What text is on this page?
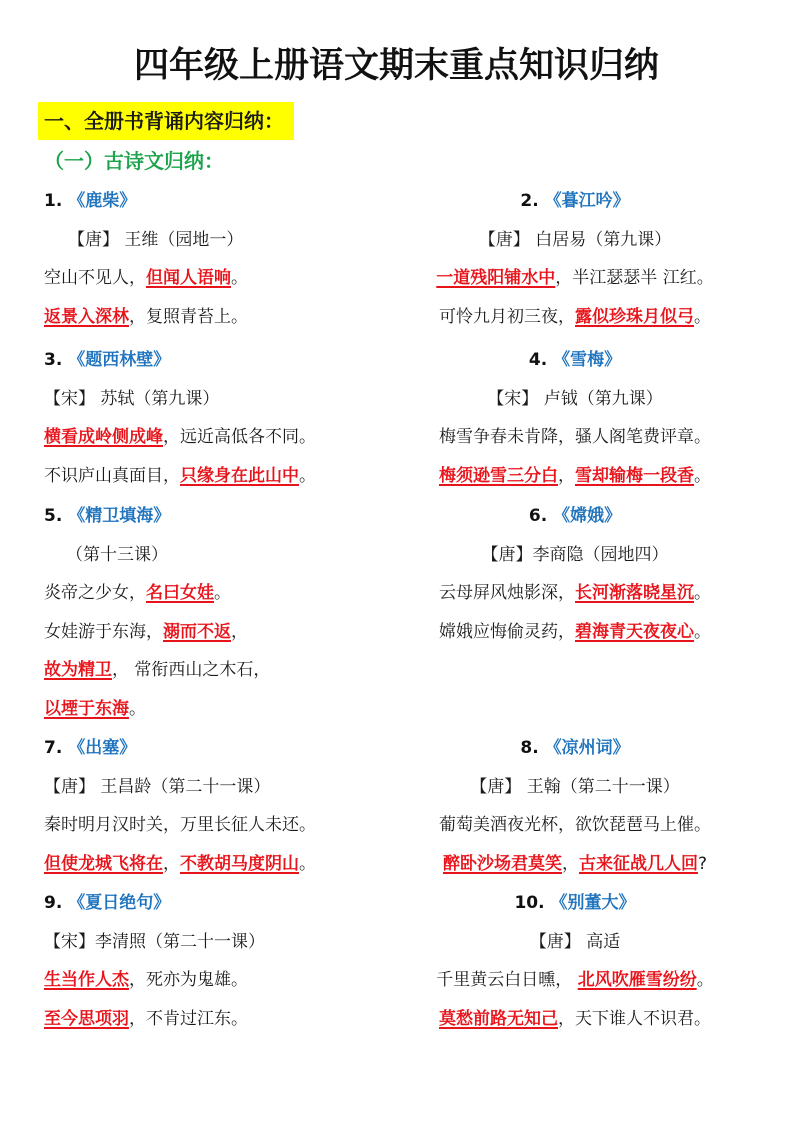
四年级上册语文期末重点知识归纳
一、全册书背诵内容归纳：
（一）古诗文归纳：
1. 《鹿柴》
【唐】 王维（园地一）
空山不见人，但闻人语响。
返景入深林，复照青苔上。
2. 《暮江吟》
【唐】 白居易（第九课）
一道残阳铺水中，半江瑟瑟半 江红。
可怜九月初三夜，露似珍珠月似弓。
3. 《题西林壁》
【宋】 苏轼（第九课）
横看成岭侧成峰，远近高低各不同。
不识庐山真面目，只缘身在此山中。
4. 《雪梅》
【宋】 卢钺（第九课）
梅雪争春未肯降，骚人阁笔费评章。
梅须逊雪三分白，雪却输梅一段香。
5. 《精卫填海》
（第十三课）
炎帝之少女，名曰女娃。
女娃游于东海，溺而不返，
故为精卫， 常衔西山之木石，
以堙于东海。
6. 《嫦娥》
【唐】李商隐（园地四）
云母屏风烛影深，长河渐落晓星沉。
嫦娥应悔偷灵药，碧海青天夜夜心。
7. 《出塞》
【唐】 王昌龄（第二十一课）
秦时明月汉时关，万里长征人未还。
但使龙城飞将在，不教胡马度阴山。
8. 《凉州词》
【唐】 王翰（第二十一课）
葡萄美酒夜光杯，欲饮琵琶马上催。
醉卧沙场君莫笑，古来征战几人回?
9. 《夏日绝句》
【宋】李清照（第二十一课）
生当作人杰，死亦为鬼雄。
至今思项羽，不肯过江东。
10. 《别董大》
【唐】 高适
千里黄云白日曛， 北风吹雁雪纷纷。
莫愁前路无知己，天下谁人不识君。
